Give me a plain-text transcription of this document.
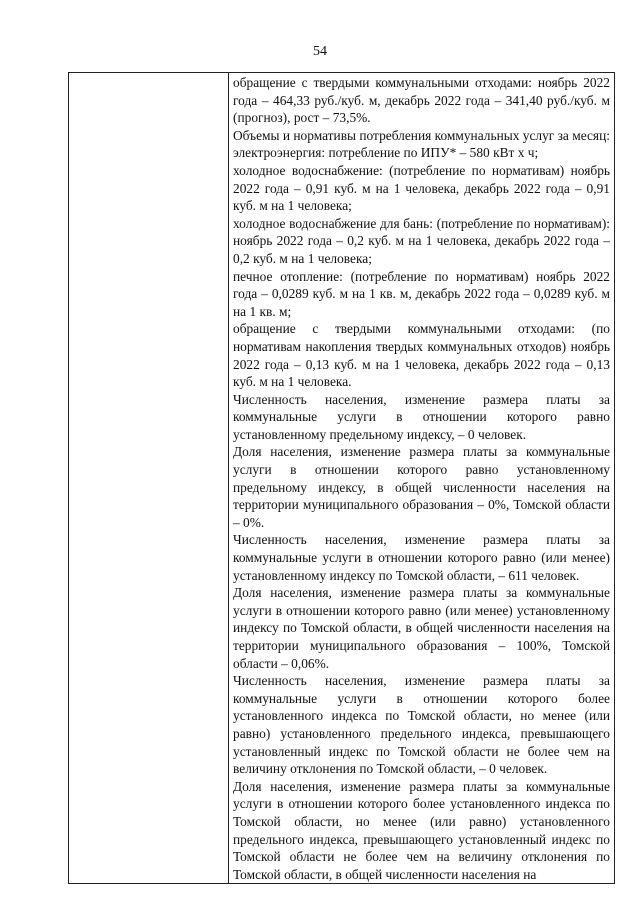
54

обращение с твердыми коммунальными отходами: ноябрь 2022 года – 464,33 руб./куб. м, декабрь 2022 года – 341,40 руб./куб. м (прогноз), рост – 73,5%.

Объемы и нормативы потребления коммунальных услуг за месяц:

электроэнергия: потребление по ИПУ* – 580 кВт х ч;

холодное водоснабжение: (потребление по нормативам) ноябрь 2022 года – 0,91 куб. м на 1 человека, декабрь 2022 года – 0,91 куб. м на 1 человека;

холодное водоснабжение для бань: (потребление по нормативам): ноябрь 2022 года – 0,2 куб. м на 1 человека, декабрь 2022 года – 0,2 куб. м на 1 человека;

печное отопление: (потребление по нормативам) ноябрь 2022 года – 0,0289 куб. м на 1 кв. м, декабрь 2022 года – 0,0289 куб. м на 1 кв. м;

обращение с твердыми коммунальными отходами: (по нормативам накопления твердых коммунальных отходов) ноябрь 2022 года – 0,13 куб. м на 1 человека, декабрь 2022 года – 0,13 куб. м на 1 человека.

Численность населения, изменение размера платы за коммунальные услуги в отношении которого равно установленному предельному индексу, – 0 человек.

Доля населения, изменение размера платы за коммунальные услуги в отношении которого равно установленному предельному индексу, в общей численности населения на территории муниципального образования – 0%, Томской области – 0%.

Численность населения, изменение размера платы за коммунальные услуги в отношении которого равно (или менее) установленному индексу по Томской области, – 611 человек.

Доля населения, изменение размера платы за коммунальные услуги в отношении которого равно (или менее) установленному индексу по Томской области, в общей численности населения на территории муниципального образования – 100%, Томской области – 0,06%.

Численность населения, изменение размера платы за коммунальные услуги в отношении которого более установленного индекса по Томской области, но менее (или равно) установленного предельного индекса, превышающего установленный индекс по Томской области не более чем на величину отклонения по Томской области, – 0 человек.

Доля населения, изменение размера платы за коммунальные услуги в отношении которого более установленного индекса по Томской области, но менее (или равно) установленного предельного индекса, превышающего установленный индекс по Томской области не более чем на величину отклонения по Томской области, в общей численности населения на
